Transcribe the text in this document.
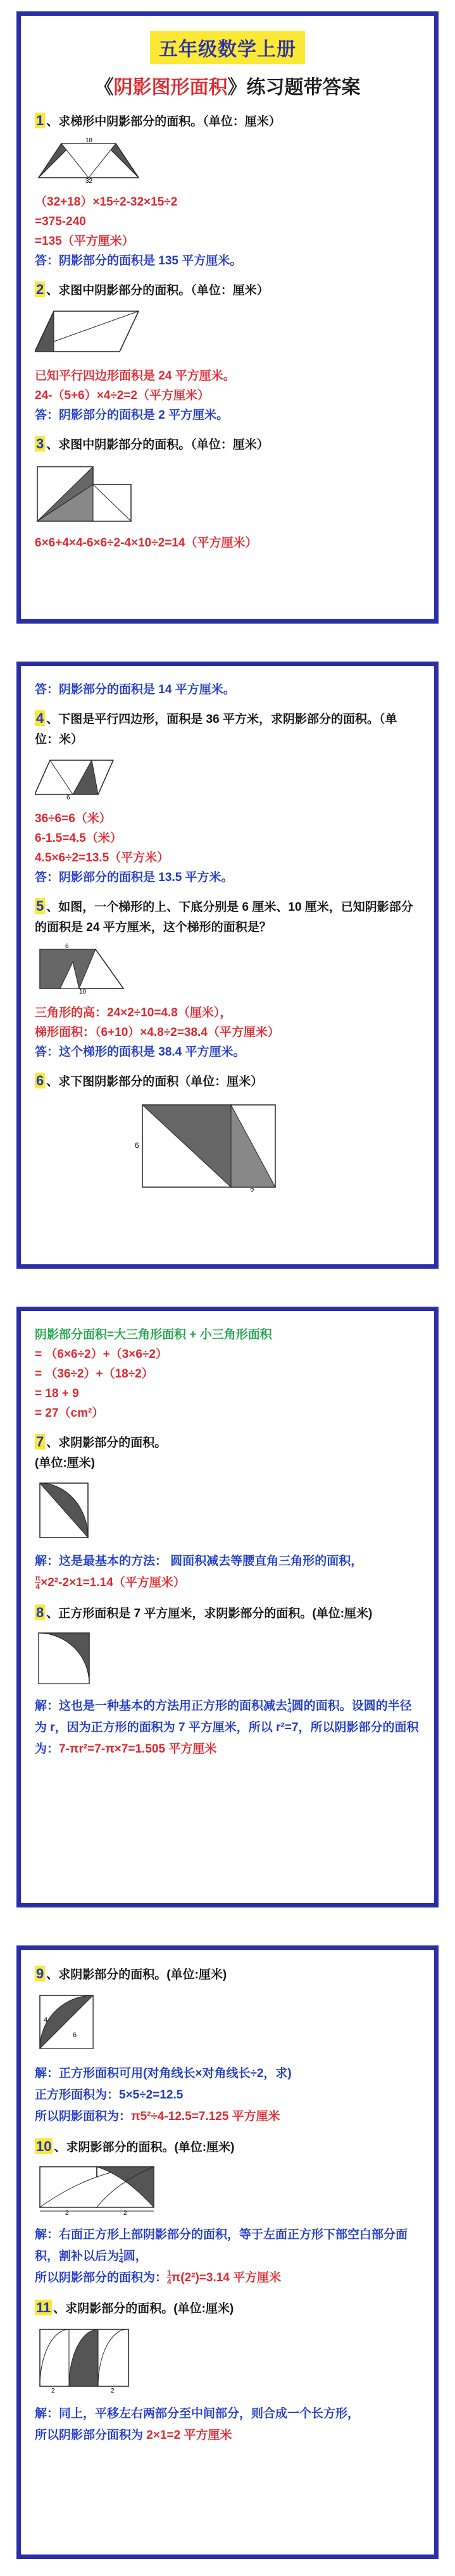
五年级数学上册
《阴影图形面积》练习题带答案
1 、求梯形中阴影部分的面积。（单位：厘米）
18
32
（32+18）×15÷2-32×15÷2
=375-240
=135（平方厘米）
答：阴影部分的面积是 135 平方厘米。
2 、求图中阴影部分的面积。（单位：厘米）
4
已知平行四边形面积是 24 平方厘米。
24-（5+6）×4÷2=2（平方厘米）
答：阴影部分的面积是 2 平方厘米。
3 、求图中阴影部分的面积。（单位：厘米）
6×6+4×4-6×6÷2-4×10÷2=14（平方厘米）
答：阴影部分的面积是 14 平方厘米。
4 、下图是平行四边形，面积是 36 平方米，求阴影部分的面积。（单位：米）
6
36÷6=6（米）
6-1.5=4.5（米）
4.5×6÷2=13.5（平方米）
答：阴影部分的面积是 13.5 平方米。
5 、如图，一个梯形的上、下底分别是 6 厘米、10 厘米，已知阴影部分的面积是 24 平方厘米，这个梯形的面积是？
6
10
三角形的高：24×2÷10=4.8（厘米），
梯形面积：（6+10）×4.8÷2=38.4（平方厘米）
答：这个梯形的面积是 38.4 平方厘米。
6 、求下图阴影部分的面积（单位：厘米）
6
2
阴影部分面积=大三角形面积 + 小三角形面积
= （6×6÷2）+（3×6÷2）
= （36÷2）+（18÷2）
= 18 + 9
= 27（cm²）
7 、求阴影部分的面积。
(单位:厘米)
解：这是最基本的方法： 圆面积减去等腰直角三角形的面积，
$\frac{\pi}{4} \times 2^2-2\times 1=1.14$（平方厘米）
8 、正方形面积是 7 平方厘米，求阴影部分的面积。(单位:厘米)
解：这也是一种基本的方法用正方形的面积减去 $\frac{1}{4}$ 圆的面积。设圆的半径为 r，因为正方形的面积为 7 平方厘米，所以 r²=7，所以阴影部分的面积为：7-πr²=7-π×7=1.505 平方厘米
9 、求阴影部分的面积。(单位:厘米)
4
6
解：正方形面积可用(对角线长×对角线长÷2，求)
正方形面积为：5×5÷2=12.5
所以阴影面积为：π5²÷4-12.5=7.125 平方厘米
10 、求阴影部分的面积。(单位:厘米)
2	2
解：右面正方形上部阴影部分的面积，等于左面正方形下部空白部分面积，割补以后为 $\frac{1}{4}$ 圆，
所以阴影部分的面积为： $\frac{1}{4} \pi(2^2)=3.14$ 平方厘米
11 、求阴影部分的面积。(单位:厘米)
2	2
解：同上，平移左右两部分至中间部分，则合成一个长方形，
所以阴影部分面积为 2×1=2 平方厘米
